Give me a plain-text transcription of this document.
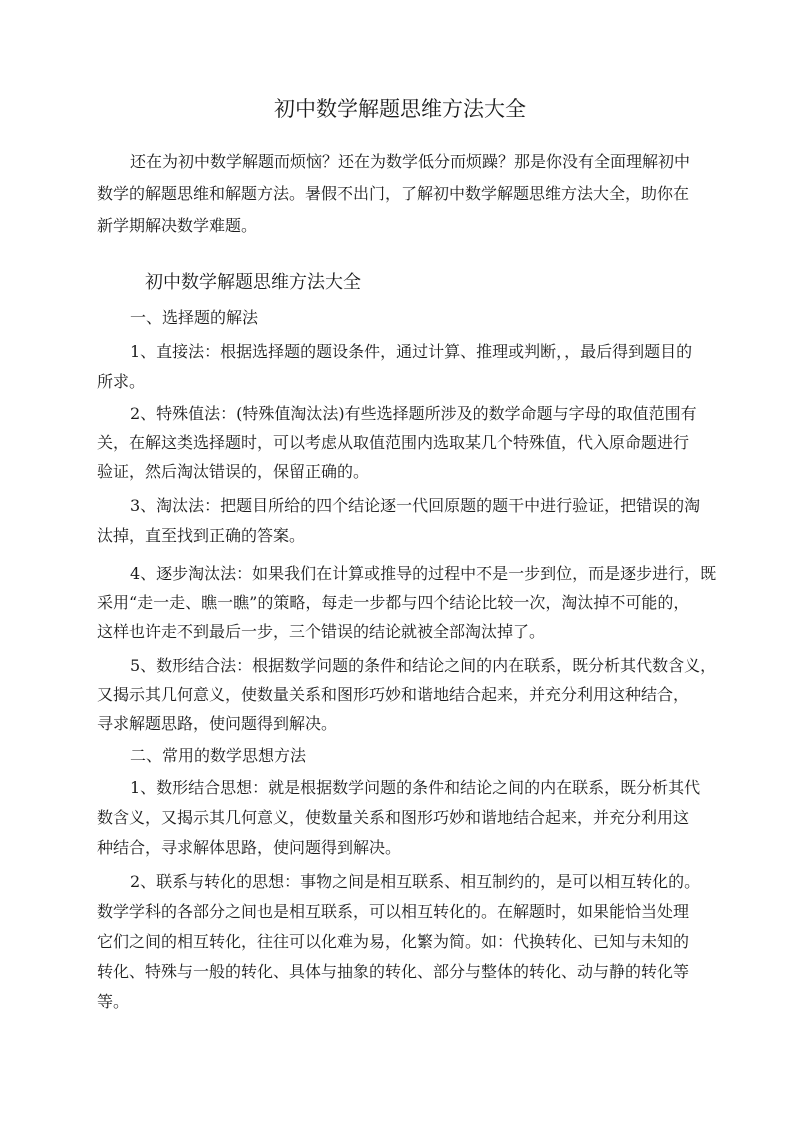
初中数学解题思维方法大全

还在为初中数学解题而烦恼？还在为数学低分而烦躁？那是你没有全面理解初中

数学的解题思维和解题方法。暑假不出门，了解初中数学解题思维方法大全，助你在

新学期解决数学难题。

初中数学解题思维方法大全

一、选择题的解法

1、直接法：根据选择题的题设条件，通过计算、推理或判断，，最后得到题目的

所求。

2、特殊值法：(特殊值淘汰法)有些选择题所涉及的数学命题与字母的取值范围有

关，在解这类选择题时，可以考虑从取值范围内选取某几个特殊值，代入原命题进行

验证，然后淘汰错误的，保留正确的。

3、淘汰法：把题目所给的四个结论逐一代回原题的题干中进行验证，把错误的淘

汰掉，直至找到正确的答案。

4、逐步淘汰法：如果我们在计算或推导的过程中不是一步到位，而是逐步进行，既

采用“走一走、瞧一瞧”的策略，每走一步都与四个结论比较一次，淘汰掉不可能的，

这样也许走不到最后一步，三个错误的结论就被全部淘汰掉了。

5、数形结合法：根据数学问题的条件和结论之间的内在联系，既分析其代数含义，

又揭示其几何意义，使数量关系和图形巧妙和谐地结合起来，并充分利用这种结合，

寻求解题思路，使问题得到解决。

二、常用的数学思想方法

1、数形结合思想：就是根据数学问题的条件和结论之间的内在联系，既分析其代

数含义，又揭示其几何意义，使数量关系和图形巧妙和谐地结合起来，并充分利用这

种结合，寻求解体思路，使问题得到解决。

2、联系与转化的思想：事物之间是相互联系、相互制约的，是可以相互转化的。

数学学科的各部分之间也是相互联系，可以相互转化的。在解题时，如果能恰当处理

它们之间的相互转化，往往可以化难为易，化繁为简。如：代换转化、已知与未知的

转化、特殊与一般的转化、具体与抽象的转化、部分与整体的转化、动与静的转化等

等。
